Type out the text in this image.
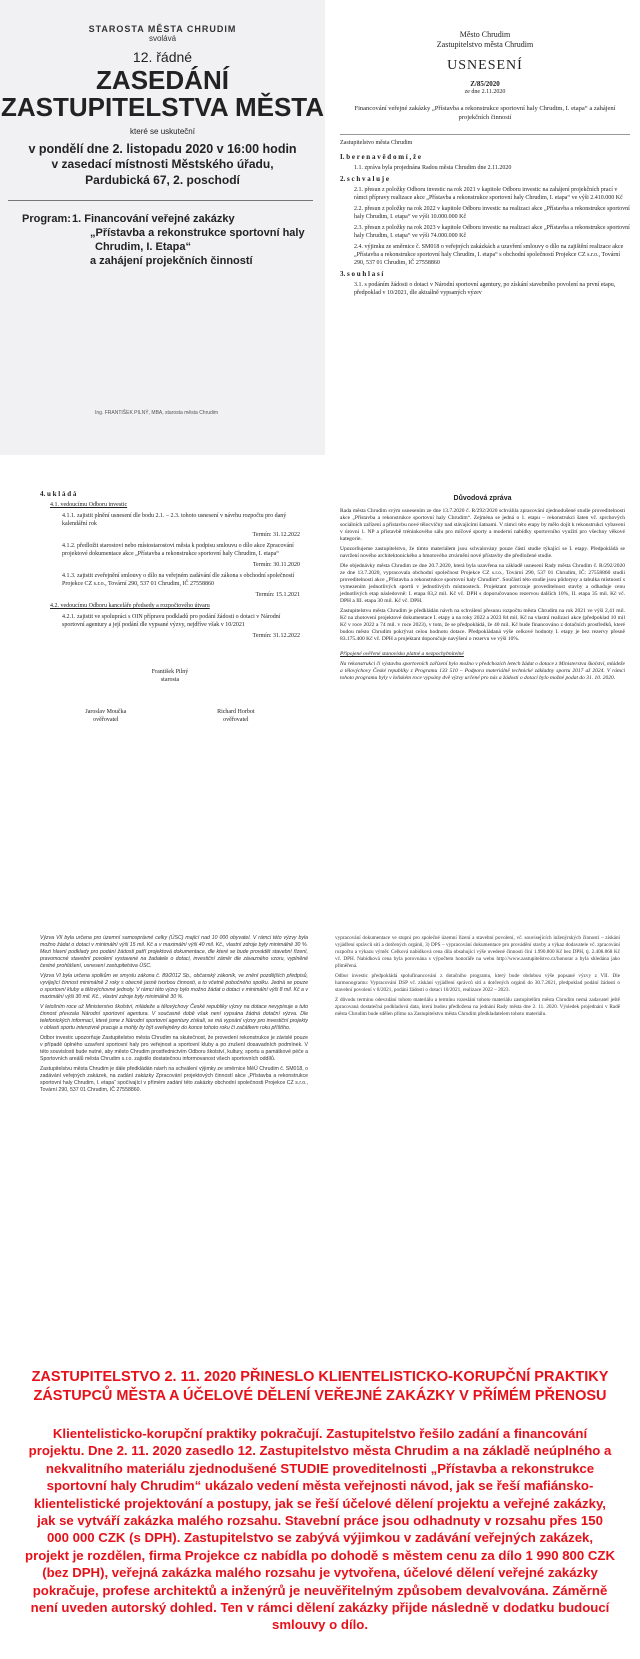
STAROSTA MĚSTA CHRUDIM
svolává
12. řádné
ZASEDÁNÍ
ZASTUPITELSTVA MĚSTA
které se uskuteční
v pondělí dne 2. listopadu 2020 v 16:00 hodin
v zasedací místnosti Městského úřadu,
Pardubická 67, 2. poschodí
Program: 1. Financování veřejné zakázky
„Přístavba a rekonstrukce sportovní haly
Chrudim, I. Etapa“
a zahájení projekčních činností
Ing. FRANTIŠEK PILNÝ, MBA, starosta města Chrudim
Město Chrudim
Zastupitelstvo města Chrudim
USNESENÍ
Z/85/2020
ze dne 2.11.2020
Financování veřejné zakázky „Přístavba a rekonstrukce sportovní haly Chrudim, I. etapa“ a zahájení projekčních činností
Zastupitelstvo města Chrudim

I. b e r e n a v ě d o m í , ž e

1.1. zpráva byla projednána Radou města Chrudim dne 2.11.2020

2. s c h v a l u j e

2.1. přesun z položky Odboru investic na rok 2021 v kapitole Odboru investic na zahájení projekčních prací v rámci přípravy realizace akce „Přístavba a rekonstrukce sportovní haly Chrudim, I. etapa“ ve výši 2.410.000 Kč

2.2. přesun z položky na rok 2022 v kapitole Odboru investic na realizaci akce „Přístavba a rekonstrukce sportovní haly Chrudim, I. etapa“ ve výši 10.000.000 Kč

2.3. přesun z položky na rok 2023 v kapitole Odboru investic na realizaci akce „Přístavba a rekonstrukce sportovní haly Chrudim, I. etapa“ ve výši 74.000.000 Kč

2.4. výjimku ze směrnice č. SM018 o veřejných zakázkách a uzavření smlouvy o dílo na zajištění realizace akce „Přístavba a rekonstrukce sportovní haly Chrudim, I. etapa“ s obchodní společností Projekce CZ s.r.o., Tovární 290, 537 01 Chrudim, IČ 27558860

3. s o u h l a s í

3.1. s podáním žádosti o dotaci v Národní sportovní agentury, po získání stavebního povolení na první etapu, předpoklad v 10/2021, dle aktuálně vypsaných výzev

4. u k l á d á

4.1. vedoucímu Odboru investic

4.1.1. zajistit plnění usnesení dle bodu 2.1. – 2.3. tohoto usnesení v návrhu rozpočtu pro daný kalendářní rok

Termín: 31.12.2022

4.1.2. předložit starostovi nebo místostarostovi města k podpisu smlouvu o dílo akce Zpracování projektové dokumentace akce „Přístavba a rekonstrukce sportovní haly Chrudim, I. etapa“

Termín: 30.11.2020

4.1.3. zajistit zveřejnění smlouvy o dílo na veřejném zadávání dle zákona s obchodní společností Projekce CZ s.r.o., Tovární 290, 537 01 Chrudim, IČ 27558860

Termín: 15.1.2021

4.2. vedoucímu Odboru kanceláře předsedy a rozpočtového útvaru

4.2.1. zajistit ve spolupráci s OIN přípravu podkladů pro podání žádosti o dotaci v Národní sportovní agentury a její podání dle vypsané výzvy, nejdříve však v 10/2021

Termín: 31.12.2022

František Pilný
starosta
Jaroslav Moučka
ověřovatel
Richard Horbot
ověřovatel
Důvodová zpráva

Rada města Chrudim svým usnesením ze dne 13.7.2020 č. R/292/2020 schválila zpracování zjednodušené studie proveditelnosti akce „Přístavba a rekonstrukce sportovní haly Chrudim“. Zejména se jedná o 1. etapu – rekonstrukci šaten vč. sprchových sociálních zařízení a přístavbu nové tělocvičny nad stávajícími šatnami. V rámci této etapy by mělo dojít k rekonstrukci vybavení v úrovni 1. NP a přístavbě tréninkového sálu pro míčové sporty a moderní nabídky sportovního využití pro všechny věkové kategorie.

Upozorňujeme zastupitelstvo, že tímto materiálem jsou schvalovány pouze částí studie týkající se I. etapy. Předpokládá se navržení nového architektonického a hmotového ztvárnění nové přístavby dle předložené studie.

Dle objednávky města Chrudim ze dne 20.7.2020, která byla uzavřena na základě usnesení Rady města Chrudim č. R/292/2020 ze dne 13.7.2020, vypracovala obchodní společnost Projekce CZ s.r.o., Tovární 290, 537 01 Chrudim, IČ: 27558860 studii proveditelnosti akce „Přístavba a rekonstrukce sportovní haly Chrudim“. Součástí této studie jsou půdorysy a tabulka místností s vymezením jednotlivých sportů v jednotlivých místnostech. Projektant potvrzuje proveditelnost stavby a odhaduje cenu jednotlivých etap následovně: I. etapa 83,2 mil. Kč vč. DPH s doporučovanou rezervou dalších 10%, II. etapa 35 mil. Kč vč. DPH a III. etapa 30 mil. Kč vč. DPH.

Zastupitelstvu města Chrudim je předkládán návrh na schválení přesunu rozpočtu města Chrudim na rok 2021 ve výši 2,41 mil. Kč na zhotovení projektové dokumentace I. etapy a na roky 2022 a 2023 84 mil. Kč na vlastní realizaci akce (předpoklad 10 mil Kč v roce 2022 a 74 mil. v roce 2023), v tom, že se předpokládá, že 40 mil. Kč bude financováno z dotačních prostředků, které budou město Chrudim pokrývat celou hodnotu dotace. Předpokládaná výše celkové hodnoty I. etapy je bez rezervy přesně 83.175.400 Kč vč. DPH a projektant doporučuje navýšení o rezervu ve výši 10%.

Připojené ověřené stanovisko platné a nezpochybnitelné

Na rekonstrukci či výstavbu sportovních zařízení bylo možno v předchozích letech žádat o dotace z Ministerstva školství, mládeže a tělovýchovy České republiky z Programu 133 510 – Podpora materiálně technické základny sportu 2017 až 2024. V rámci tohoto programu byly v loňském roce vypsány dvě výzvy určené pro nás a žádosti o dotaci bylo možné podat do 31. 10. 2020.

Výzva VII byla určena pro územní samosprávné celky (ÚSC) mající nad 10 000 obyvatel. V rámci této výzvy byla možno žádat o dotaci v minimální výši 15 mil. Kč a v maximální výši 40 mil. Kč., vlastní zdroje byly minimálně 30 %. Mezi hlavní podklady pro podání žádosti patří projektová dokumentace, dle které se bude provádět stavební řízení, pravomocné stavební povolení vystavené na žadatele o dotaci, investiční záměr dle závazného vzoru, vyplněné čestné prohlášení, usnesení zastupitelstva ÚSC.

Výzva VI byla určena spolkům ve smyslu zákona č. 89/2012 Sb., občanský zákoník, ve znění pozdějších předpisů, vyvíjející činnost minimálně 2 roky s obecně jasně tvorbou činnosti, a to včetně pobočného spolku. Jedná se pouze o sportovní kluby a tělovýchovné jednoty. V rámci této výzvy bylo možno žádat o dotaci v minimální výši 8 mil. Kč a v maximální výši 30 mil. Kč., vlastní zdroje byly minimálně 30 %.

V letošním roce už Ministerstvo školství, mládeže a tělovýchovy České republiky výzvy na dotace nevypisuje a tuto činnost převzala Národní sportovní agentura. V současné době však není vypsána žádná dotační výzva. Dle telefonických informací, které jsme z Národní sportovní agentury získali, se má vypsání výzvy pro investiční projekty v oblasti sportu intenzivně pracuje a mohly by být uveřejněny do konce tohoto roku či začátkem roku příštího.

Odbor investic upozorňuje Zastupitelstvo města Chrudim na skutečnost, že provedení rekonstrukce je závislé pouze v případě úplného uzavření sportovní haly pro veřejnost a sportovní kluby a po zrušení dosavadních podmínek. V této souvislosti bude nutné, aby město Chrudim prostřednictvím Odboru školství, kultury, sportu a památkové péče a Sportovních areálů města Chrudim s.r.o. zajistilo dostatečnou informovanost všech sportovních oddílů.

Zastupitelstvu města Chrudim je dále předkládán návrh na schválení výjimky ze směrnice MěÚ Chrudim č. SM018, o zadávání veřejných zakázek, na zadání zakázky Zpracování projektových činností akce „Přístavba a rekonstrukce sportovní haly Chrudim, I. etapa“ spočívající v přímém zadání této zakázky obchodní společnosti Projekce CZ s.r.o., Tovární 290, 537 01 Chrudim, IČ 27558860.

vypracování dokumentace ve stupni pro společné územní řízení a stavební povolení, vč. souvisejících inženýrských činností – získání vyjádření správců sítí a dotčených orgánů, 3) DPS – vypracování dokumentace pro provádění stavby a výkaz dodavatele vč. zpracování rozpočtu a výkazu výměr. Celková nabídková cena díla obsahující výše uvedené činnosti činí 1.990.800 Kč bez DPH, tj. 2.408.868 Kč vč. DPH. Nabídková cena byla porovnána s výpočtem honoráře na webu http://www.zastupitelstvo.cz/honorar a byla shledána jako přiměřená.

Odbor investic předpokládá spolufinancování z dotačního programu, který bude obdobou výše popsané výzvy z VII. Dle harmonogramu: Vypracování DSP vč. získání vyjádření správců sítí a dotčených orgánů do 30.7.2021, předpoklad podání žádosti o stavební povolení v 8/2021, podání žádosti o dotaci 10/2021, realizace 2022 – 2023.

Z důvodu termínu odevzdání tohoto materiálu a termínu rozeslání tohoto materiálu zastupitelům města Chrudim nemá zadavatel ještě zpracovaná dostatečná podkladová data, která budou předložena na jednání Rady města dne 2. 11. 2020. Výsledek projednání v Radě města Chrudim bude sdělen přímo na Zastupitelstvu města Chrudim předkladatelem tohoto materiálu.

ZASTUPITELSTVO 2. 11. 2020 PŘINESLO KLIENTELISTICKO-KORUPČNÍ PRAKTIKY ZÁSTUPCŮ MĚSTA A ÚČELOVÉ DĚLENÍ VEŘEJNÉ ZAKÁZKY V PŘÍMÉM PŘENOSU
Klientelisticko-korupční praktiky pokračují. Zastupitelstvo řešilo zadání a financování projektu. Dne 2. 11. 2020 zasedlo 12. Zastupitelstvo města Chrudim a na základě neúplného a nekvalitního materiálu zjednodušené STUDIE proveditelnosti „Přístavba a rekonstrukce sportovní haly Chrudim“ ukázalo vedení města veřejnosti návod, jak se řeší mafiánsko-klientelistické projektování a postupy, jak se řeší účelové dělení projektu a veřejné zakázky, jak se vytváří zakázka malého rozsahu. Stavební práce jsou odhadnuty v rozsahu přes 150 000 000 CZK (s DPH). Zastupitelstvo se zabývá výjimkou v zadávání veřejných zakázek, projekt je rozdělen, firma Projekce cz nabídla po dohodě s městem cenu za dílo 1 990 800 CZK (bez DPH), veřejná zakázka malého rozsahu je vytvořena, účelové dělení veřejné zakázky pokračuje, profese architektů a inženýrů je neuvěřitelným způsobem devalvována. Záměrně není uveden autorský dohled. Ten v rámci dělení zakázky přijde následně v dodatku budoucí smlouvy o dílo.
